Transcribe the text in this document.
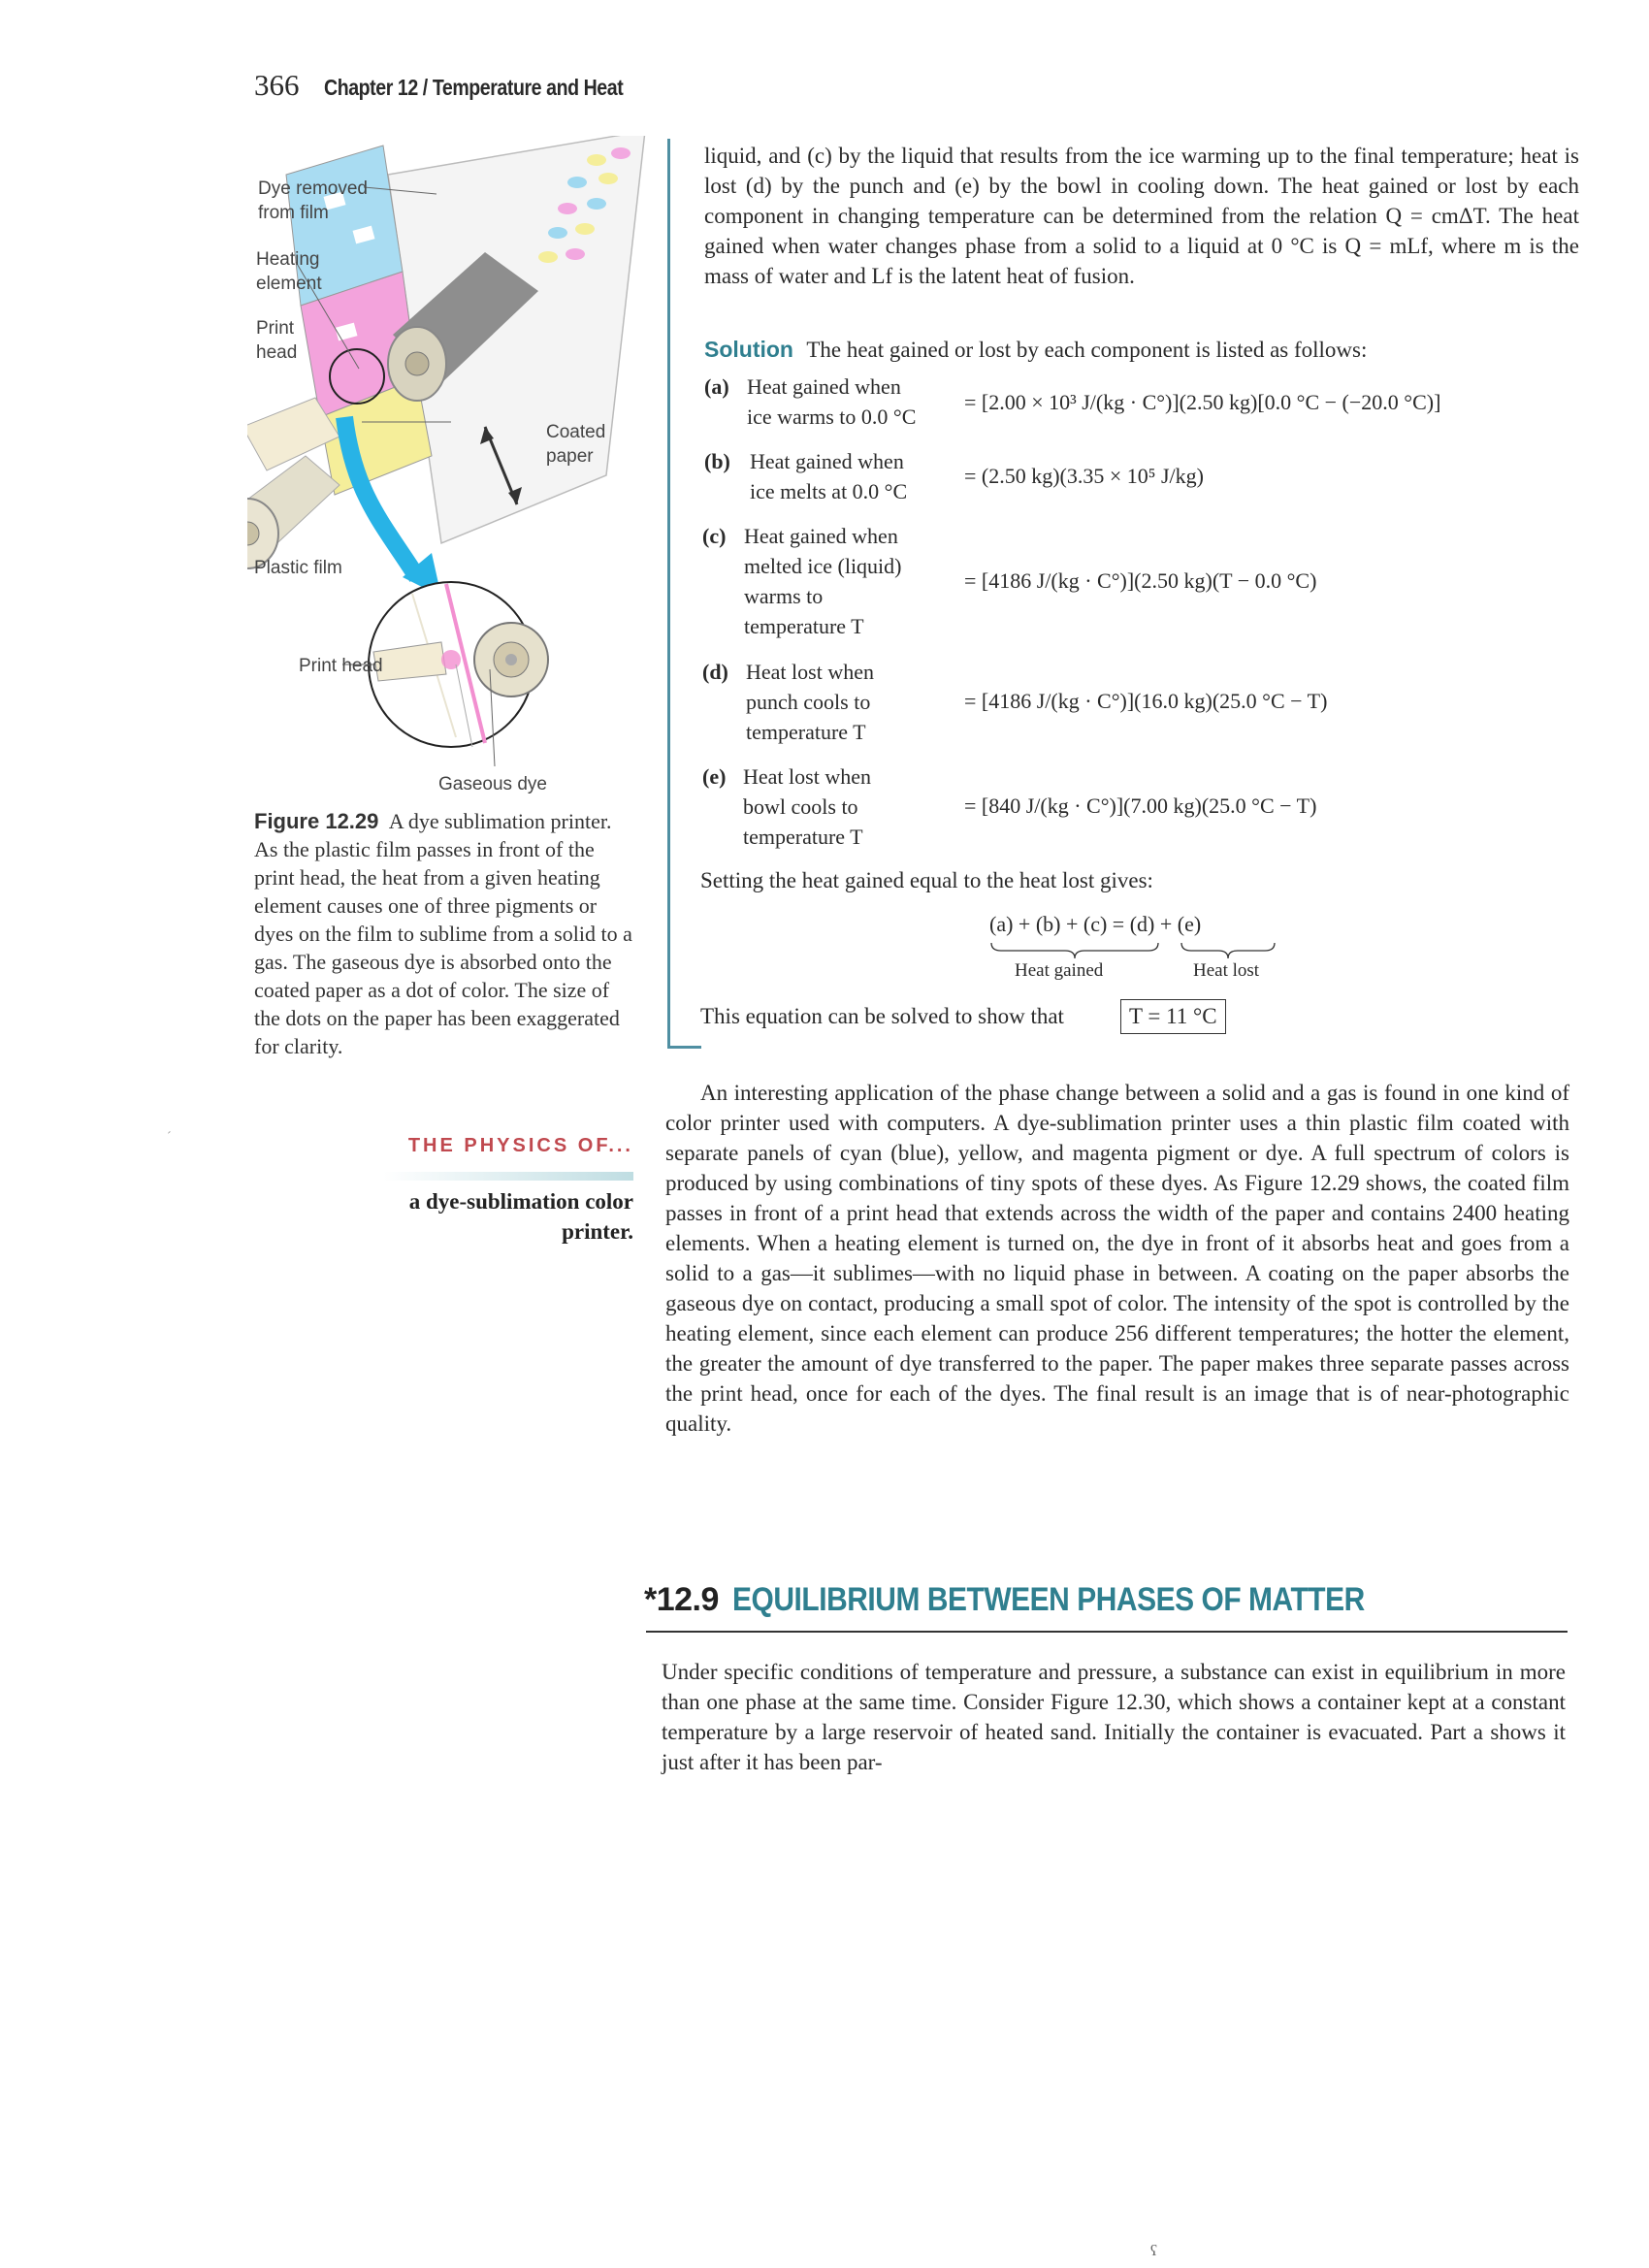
366 Chapter 12 / Temperature and Heat
Dye removed
from film
Heating
element
Print
head
Coated
paper
Plastic film
Print head
Gaseous dye
Figure 12.29 A dye sublimation printer. As the plastic film passes in front of the print head, the heat from a given heating element causes one of three pigments or dyes on the film to sublime from a solid to a gas. The gaseous dye is absorbed onto the coated paper as a dot of color. The size of the dots on the paper has been exaggerated for clarity.
THE PHYSICS OF...
a dye-sublimation color printer.
liquid, and (c) by the liquid that results from the ice warming up to the final temperature; heat is lost (d) by the punch and (e) by the bowl in cooling down. The heat gained or lost by each component in changing temperature can be determined from the relation Q = cmΔT. The heat gained when water changes phase from a solid to a liquid at 0 °C is Q = mLf, where m is the mass of water and Lf is the latent heat of fusion.
Solution The heat gained or lost by each component is listed as follows:
(a) Heat gained when
ice warms to 0.0 °C
= [2.00 × 10³ J/(kg · C°)](2.50 kg)[0.0 °C − (−20.0 °C)]
(b) Heat gained when
ice melts at 0.0 °C
= (2.50 kg)(3.35 × 10⁵ J/kg)
(c) Heat gained when
melted ice (liquid)
warms to
temperature T
= [4186 J/(kg · C°)](2.50 kg)(T − 0.0 °C)
(d) Heat lost when
punch cools to
temperature T
= [4186 J/(kg · C°)](16.0 kg)(25.0 °C − T)
(e) Heat lost when
bowl cools to
temperature T
= [840 J/(kg · C°)](7.00 kg)(25.0 °C − T)
Setting the heat gained equal to the heat lost gives:
(a) + (b) + (c) = (d) + (e)
Heat gained	Heat lost
This equation can be solved to show that	T = 11 °C
An interesting application of the phase change between a solid and a gas is found in one kind of color printer used with computers. A dye-sublimation printer uses a thin plastic film coated with separate panels of cyan (blue), yellow, and magenta pigment or dye. A full spectrum of colors is produced by using combinations of tiny spots of these dyes. As Figure 12.29 shows, the coated film passes in front of a print head that extends across the width of the paper and contains 2400 heating elements. When a heating element is turned on, the dye in front of it absorbs heat and goes from a solid to a gas—it sublimes—with no liquid phase in between. A coating on the paper absorbs the gaseous dye on contact, producing a small spot of color. The intensity of the spot is controlled by the heating element, since each element can produce 256 different temperatures; the hotter the element, the greater the amount of dye transferred to the paper. The paper makes three separate passes across the print head, once for each of the dyes. The final result is an image that is of near-photographic quality.
*12.9 EQUILIBRIUM BETWEEN PHASES OF MATTER
Under specific conditions of temperature and pressure, a substance can exist in equilibrium in more than one phase at the same time. Consider Figure 12.30, which shows a container kept at a constant temperature by a large reservoir of heated sand. Initially the container is evacuated. Part a shows it just after it has been par-
ʕ
´
